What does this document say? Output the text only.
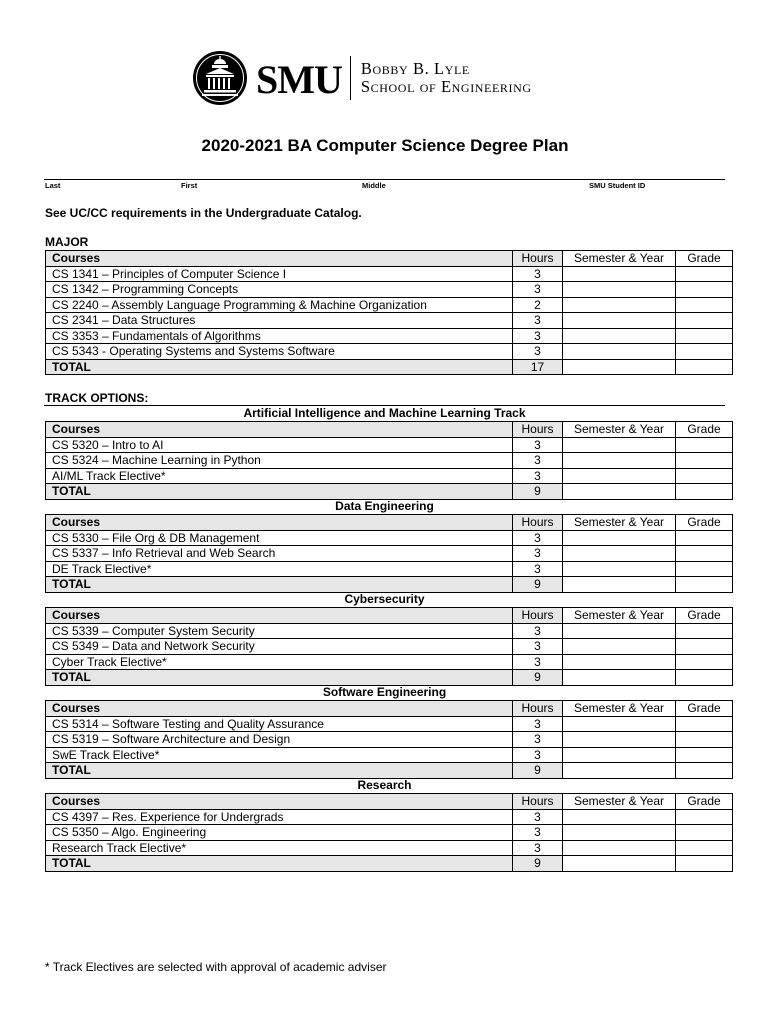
SMU Bobby B. Lyle
School of Engineering
2020-2021 BA Computer Science Degree Plan
Last	First	Middle	SMU Student ID
See UC/CC requirements in the Undergraduate Catalog.
MAJOR
Courses	Hours	Semester & Year	Grade
CS 1341 – Principles of Computer Science I	3		
CS 1342 – Programming Concepts	3		
CS 2240 – Assembly Language Programming & Machine Organization	2		
CS 2341 – Data Structures	3		
CS 3353 – Fundamentals of Algorithms	3		
CS 5343 - Operating Systems and Systems Software	3		
TOTAL	17		
TRACK OPTIONS:
Artificial Intelligence and Machine Learning Track
Courses	Hours	Semester & Year	Grade
CS 5320 – Intro to AI	3		
CS 5324 – Machine Learning in Python	3		
AI/ML Track Elective*	3		
TOTAL	9		
Data Engineering
Courses	Hours	Semester & Year	Grade
CS 5330 – File Org & DB Management	3		
CS 5337 – Info Retrieval and Web Search	3		
DE Track Elective*	3		
TOTAL	9		
Cybersecurity
Courses	Hours	Semester & Year	Grade
CS 5339 – Computer System Security	3		
CS 5349 – Data and Network Security	3		
Cyber Track Elective*	3		
TOTAL	9		
Software Engineering
Courses	Hours	Semester & Year	Grade
CS 5314 – Software Testing and Quality Assurance	3		
CS 5319 – Software Architecture and Design	3		
SwE Track Elective*	3		
TOTAL	9		
Research
Courses	Hours	Semester & Year	Grade
CS 4397 – Res. Experience for Undergrads	3		
CS 5350 – Algo. Engineering	3		
Research Track Elective*	3		
TOTAL	9		
* Track Electives are selected with approval of academic adviser
